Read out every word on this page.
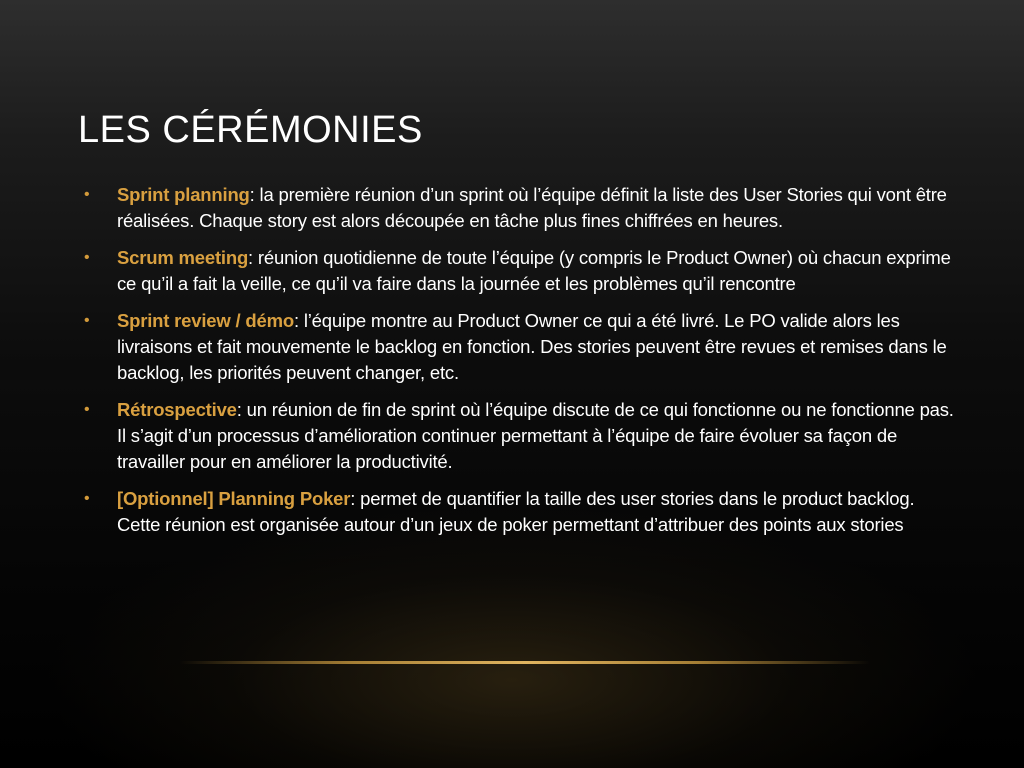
LES CÉRÉMONIES
• Sprint planning: la première réunion d’un sprint où l’équipe définit la liste des User Stories qui vont être réalisées. Chaque story est alors découpée en tâche plus fines chiffrées en heures.
• Scrum meeting: réunion quotidienne de toute l’équipe (y compris le Product Owner) où chacun exprime ce qu’il a fait la veille, ce qu’il va faire dans la journée et les problèmes qu’il rencontre
• Sprint review / démo: l’équipe montre au Product Owner ce qui a été livré. Le PO valide alors les livraisons et fait mouvemente le backlog en fonction. Des stories peuvent être revues et remises dans le backlog, les priorités peuvent changer, etc.
• Rétrospective: un réunion de fin de sprint où l’équipe discute de ce qui fonctionne ou ne fonctionne pas. Il s’agit d’un processus d’amélioration continuer permettant à l’équipe de faire évoluer sa façon de travailler pour en améliorer la productivité.
• [Optionnel] Planning Poker: permet de quantifier la taille des user stories dans le product backlog. Cette réunion est organisée autour d’un jeux de poker permettant d’attribuer des points aux stories
